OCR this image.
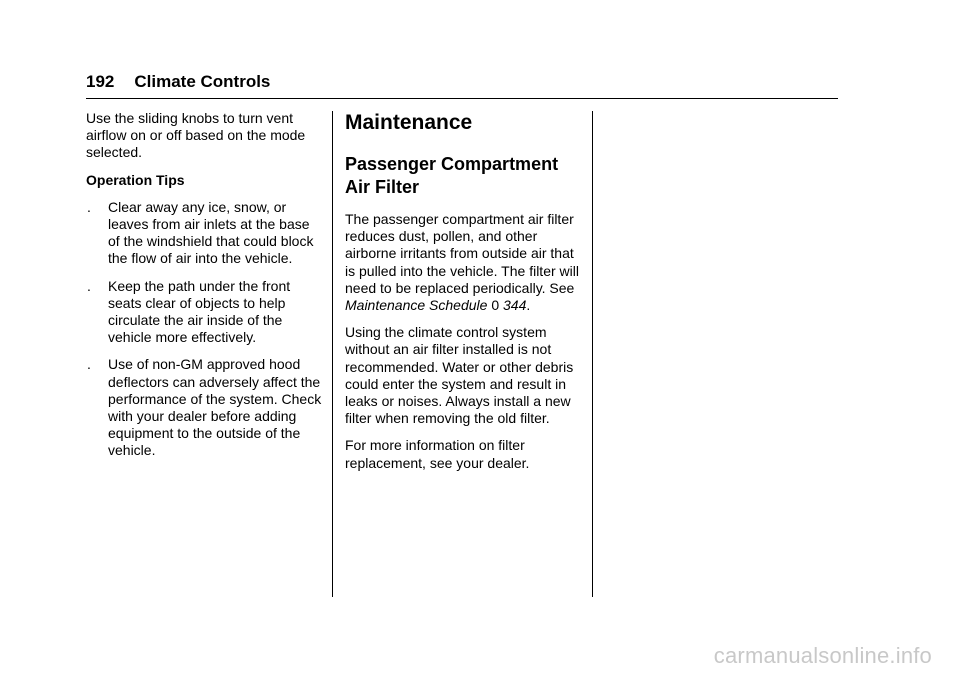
192 Climate Controls

Use the sliding knobs to turn vent airflow on or off based on the mode selected.

Operation Tips

. Clear away any ice, snow, or leaves from air inlets at the base of the windshield that could block the flow of air into the vehicle.
. Keep the path under the front seats clear of objects to help circulate the air inside of the vehicle more effectively.
. Use of non-GM approved hood deflectors can adversely affect the performance of the system. Check with your dealer before adding equipment to the outside of the vehicle.
Maintenance
Passenger Compartment
Air Filter

The passenger compartment air filter reduces dust, pollen, and other airborne irritants from outside air that is pulled into the vehicle. The filter will need to be replaced periodically. See Maintenance Schedule 0 344.

Using the climate control system without an air filter installed is not recommended. Water or other debris could enter the system and result in leaks or noises. Always install a new filter when removing the old filter.

For more information on filter replacement, see your dealer.

carmanualsonline.info
